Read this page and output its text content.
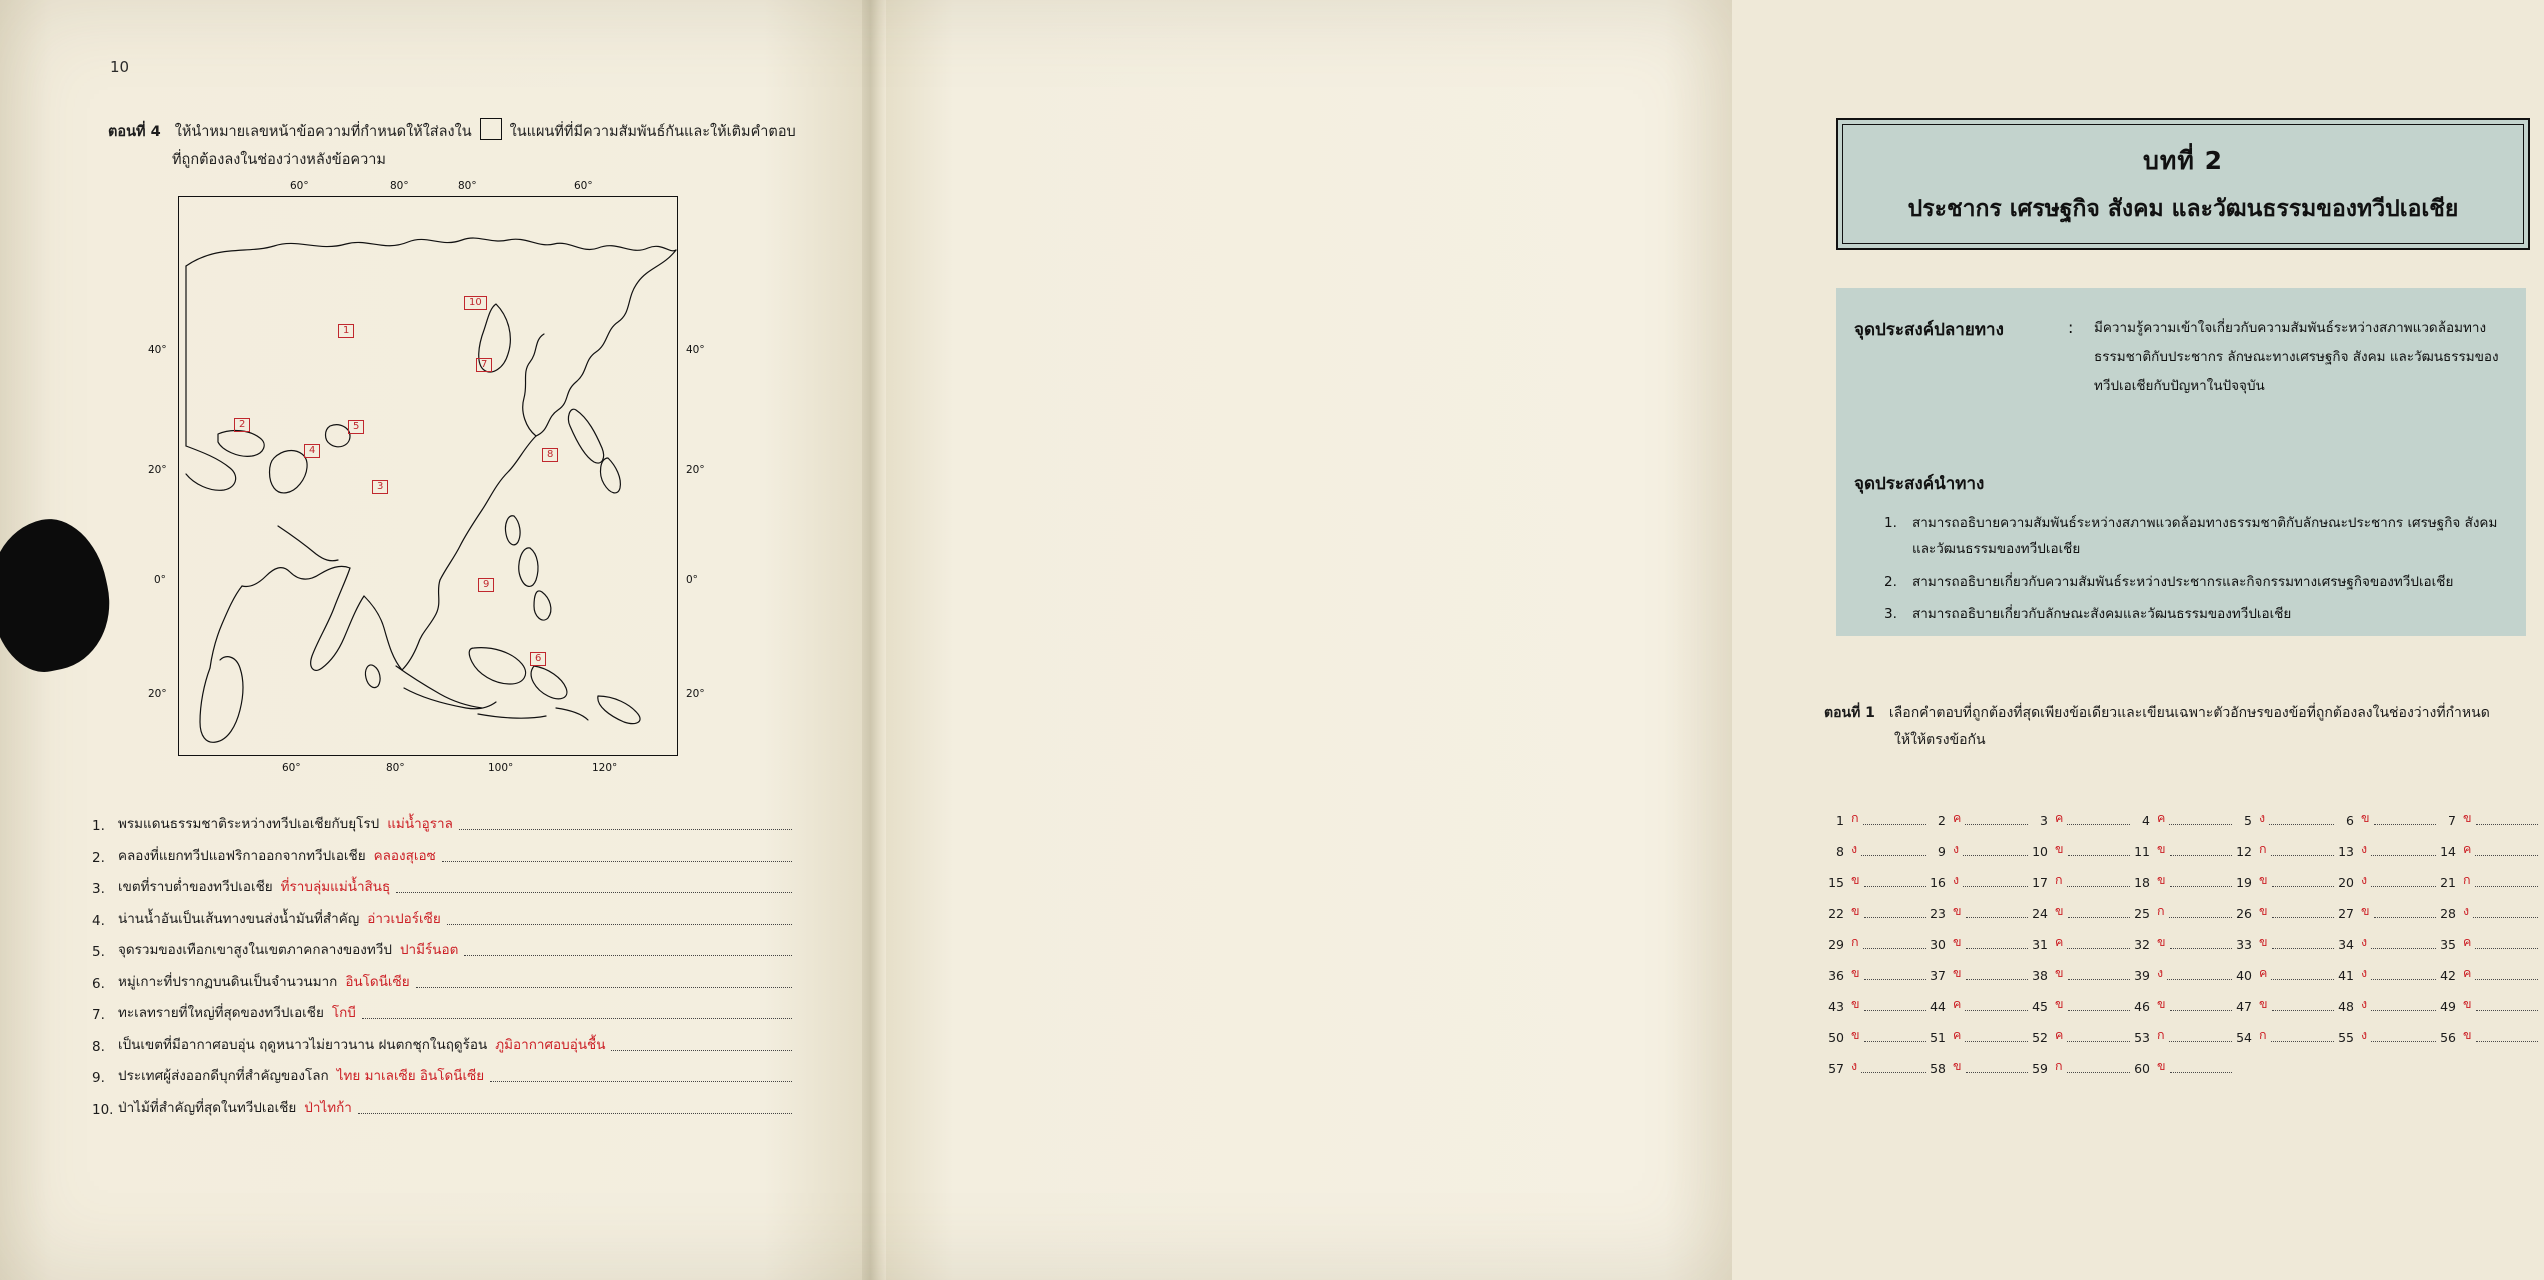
10
ตอนที่ 4 ให้นำหมายเลขหน้าข้อความที่กำหนดให้ใส่ลงใน	ในแผนที่ที่มีความสัมพันธ์กันและให้เติมคำตอบ
ที่ถูกต้องลงในช่องว่างหลังข้อความ
60°	80°	80°	60°
40°
20°
0°
20°
40°
20°
0°
20°
60°	80°	100°	120°
10
1
7
2	5
4	8
3
9
6
1. พรมแดนธรรมชาติระหว่างทวีปเอเชียกับยุโรป แม่น้ำอูราล
2. คลองที่แยกทวีปแอฟริกาออกจากทวีปเอเชีย คลองสุเอซ
3. เขตที่ราบต่ำของทวีปเอเชีย ที่ราบลุ่มแม่น้ำสินธุ
4. น่านน้ำอันเป็นเส้นทางขนส่งน้ำมันที่สำคัญ อ่าวเปอร์เซีย
5. จุดรวมของเทือกเขาสูงในเขตภาคกลางของทวีป ปามีร์นอต
6. หมู่เกาะที่ปรากฏบนดินเป็นจำนวนมาก อินโดนีเซีย
7. ทะเลทรายที่ใหญ่ที่สุดของทวีปเอเชีย โกบี
8. เป็นเขตที่มีอากาศอบอุ่น ฤดูหนาวไม่ยาวนาน ฝนตกชุกในฤดูร้อน ภูมิอากาศอบอุ่นชื้น
9. ประเทศผู้ส่งออกดีบุกที่สำคัญของโลก ไทย มาเลเซีย อินโดนีเซีย
10. ป่าไม้ที่สำคัญที่สุดในทวีปเอเชีย ป่าไทก้า
บทที่ 2
ประชากร เศรษฐกิจ สังคม และวัฒนธรรมของทวีปเอเชีย
จุดประสงค์ปลายทาง	: มีความรู้ความเข้าใจเกี่ยวกับความสัมพันธ์ระหว่างสภาพแวดล้อมทางธรรมชาติกับประชากร ลักษณะทางเศรษฐกิจ สังคม และวัฒนธรรมของทวีปเอเชียกับปัญหาในปัจจุบัน
จุดประสงค์นำทาง
1.	สามารถอธิบายความสัมพันธ์ระหว่างสภาพแวดล้อมทางธรรมชาติกับลักษณะประชากร เศรษฐกิจ สังคม และวัฒนธรรมของทวีปเอเชีย
2.	สามารถอธิบายเกี่ยวกับความสัมพันธ์ระหว่างประชากรและกิจกรรมทางเศรษฐกิจของทวีปเอเชีย
3.	สามารถอธิบายเกี่ยวกับลักษณะสังคมและวัฒนธรรมของทวีปเอเชีย
ตอนที่ 1 เลือกคำตอบที่ถูกต้องที่สุดเพียงข้อเดียวและเขียนเฉพาะตัวอักษรของข้อที่ถูกต้องลงในช่องว่างที่กำหนด
ให้ให้ตรงข้อกัน
1 ก	2 ค	3 ค	4 ค	5 ง	6 ข	7 ข
8 ง	9 ง	10 ข	11 ข	12 ก	13 ง	14 ค
15 ข	16 ง	17 ก	18 ข	19 ข	20 ง	21 ก
22 ข	23 ข	24 ข	25 ก	26 ข	27 ข	28 ง
29 ก	30 ข	31 ค	32 ข	33 ข	34 ง	35 ค
36 ข	37 ข	38 ข	39 ง	40 ค	41 ง	42 ค
43 ข	44 ค	45 ข	46 ข	47 ข	48 ง	49 ข
50 ข	51 ค	52 ค	53 ก	54 ก	55 ง	56 ข
57 ง	58 ข	59 ก	60 ข
